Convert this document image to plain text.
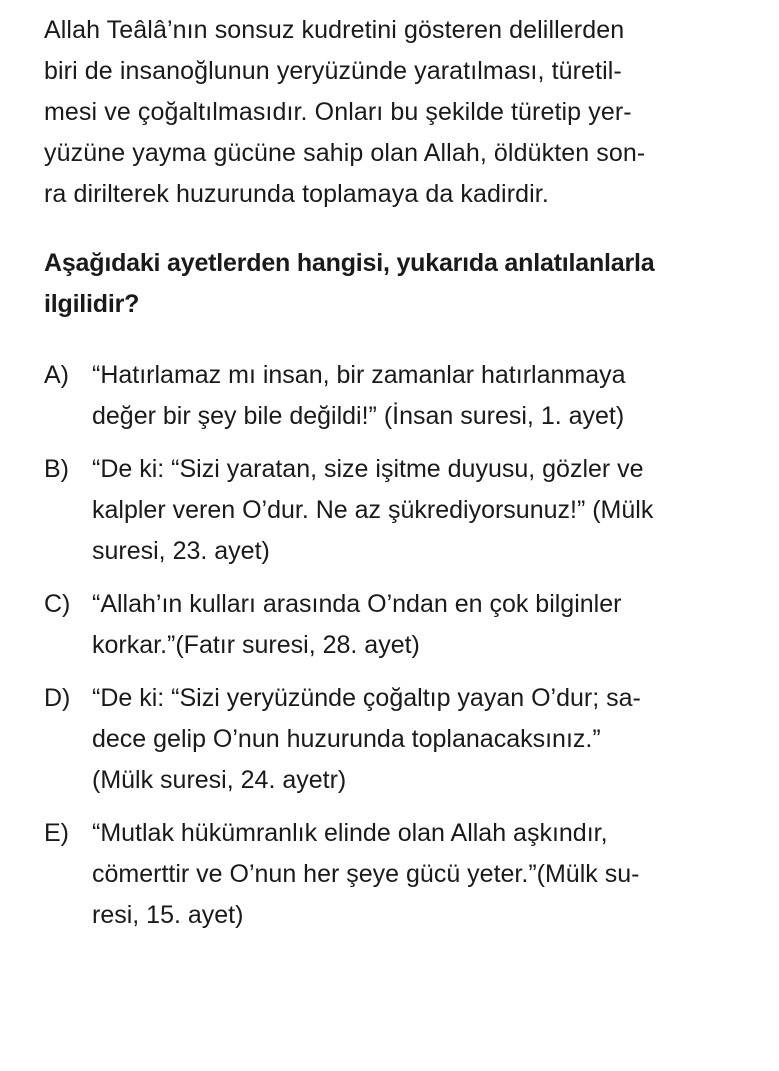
Allah Teâlâ’nın sonsuz kudretini gösteren delillerden
biri de insanoğlunun yeryüzünde yaratılması, türetil-
mesi ve çoğaltılmasıdır. Onları bu şekilde türetip yer-
yüzüne yayma gücüne sahip olan Allah, öldükten son-
ra dirilterek huzurunda toplamaya da kadirdir.
Aşağıdaki ayetlerden hangisi, yukarıda anlatılanlarla
ilgilidir?
A) “Hatırlamaz mı insan, bir zamanlar hatırlanmaya
değer bir şey bile değildi!” (İnsan suresi, 1. ayet)
B) “De ki: “Sizi yaratan, size işitme duyusu, gözler ve
kalpler veren O’dur. Ne az şükrediyorsunuz!” (Mülk
suresi, 23. ayet)
C) “Allah’ın kulları arasında O’ndan en çok bilginler
korkar.”(Fatır suresi, 28. ayet)
D) “De ki: “Sizi yeryüzünde çoğaltıp yayan O’dur; sa-
dece gelip O’nun huzurunda toplanacaksınız.”
(Mülk suresi, 24. ayetr)
E) “Mutlak hükümranlık elinde olan Allah aşkındır,
cömerttir ve O’nun her şeye gücü yeter.”(Mülk su-
resi, 15. ayet)
